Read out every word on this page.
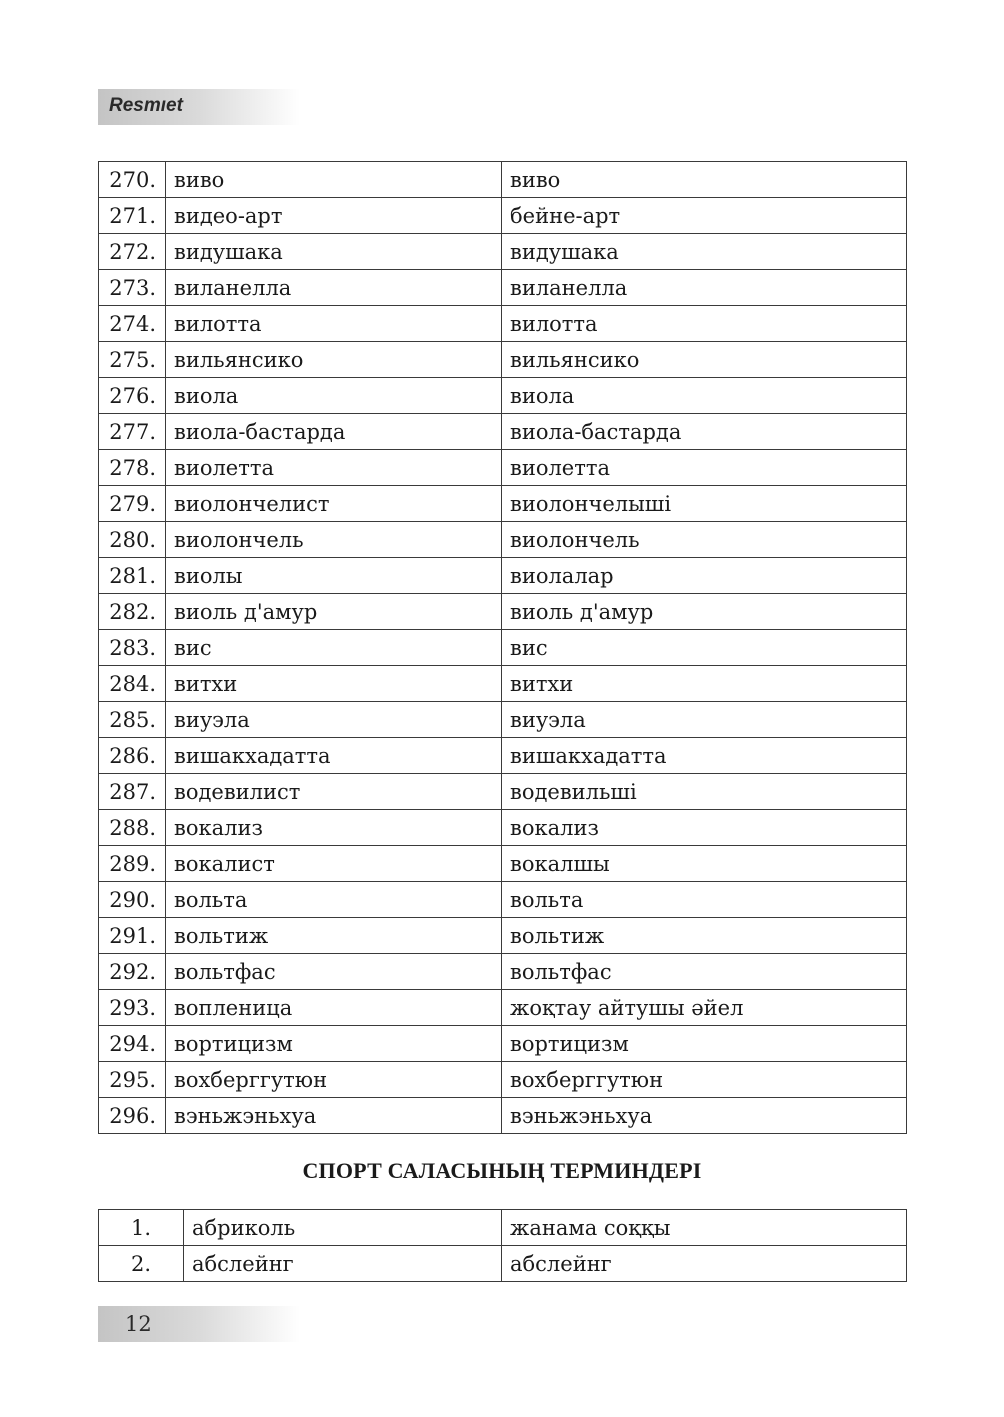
Resmıet
270.	виво	виво
271.	видео-арт	бейне-арт
272.	видушака	видушака
273.	виланелла	виланелла
274.	вилотта	вилотта
275.	вильянсико	вильянсико
276.	виола	виола
277.	виола-бастарда	виола-бастарда
278.	виолетта	виолетта
279.	виолончелист	виолончелыші
280.	виолончель	виолончель
281.	виолы	виолалар
282.	виоль д'амур	виоль д'амур
283.	вис	вис
284.	витхи	витхи
285.	виуэла	виуэла
286.	вишакхадатта	вишакхадатта
287.	водевилист	водевильші
288.	вокализ	вокализ
289.	вокалист	вокалшы
290.	вольта	вольта
291.	вольтиж	вольтиж
292.	вольтфас	вольтфас
293.	вопленица	жоқтау айтушы әйел
294.	вортицизм	вортицизм
295.	вохберггутюн	вохберггутюн
296.	вэньжэньхуа	вэньжэньхуа
СПОРТ САЛАСЫНЫҢ ТЕРМИНДЕРІ
1.	абриколь	жанама соққы
2.	абслейнг	абслейнг
12
